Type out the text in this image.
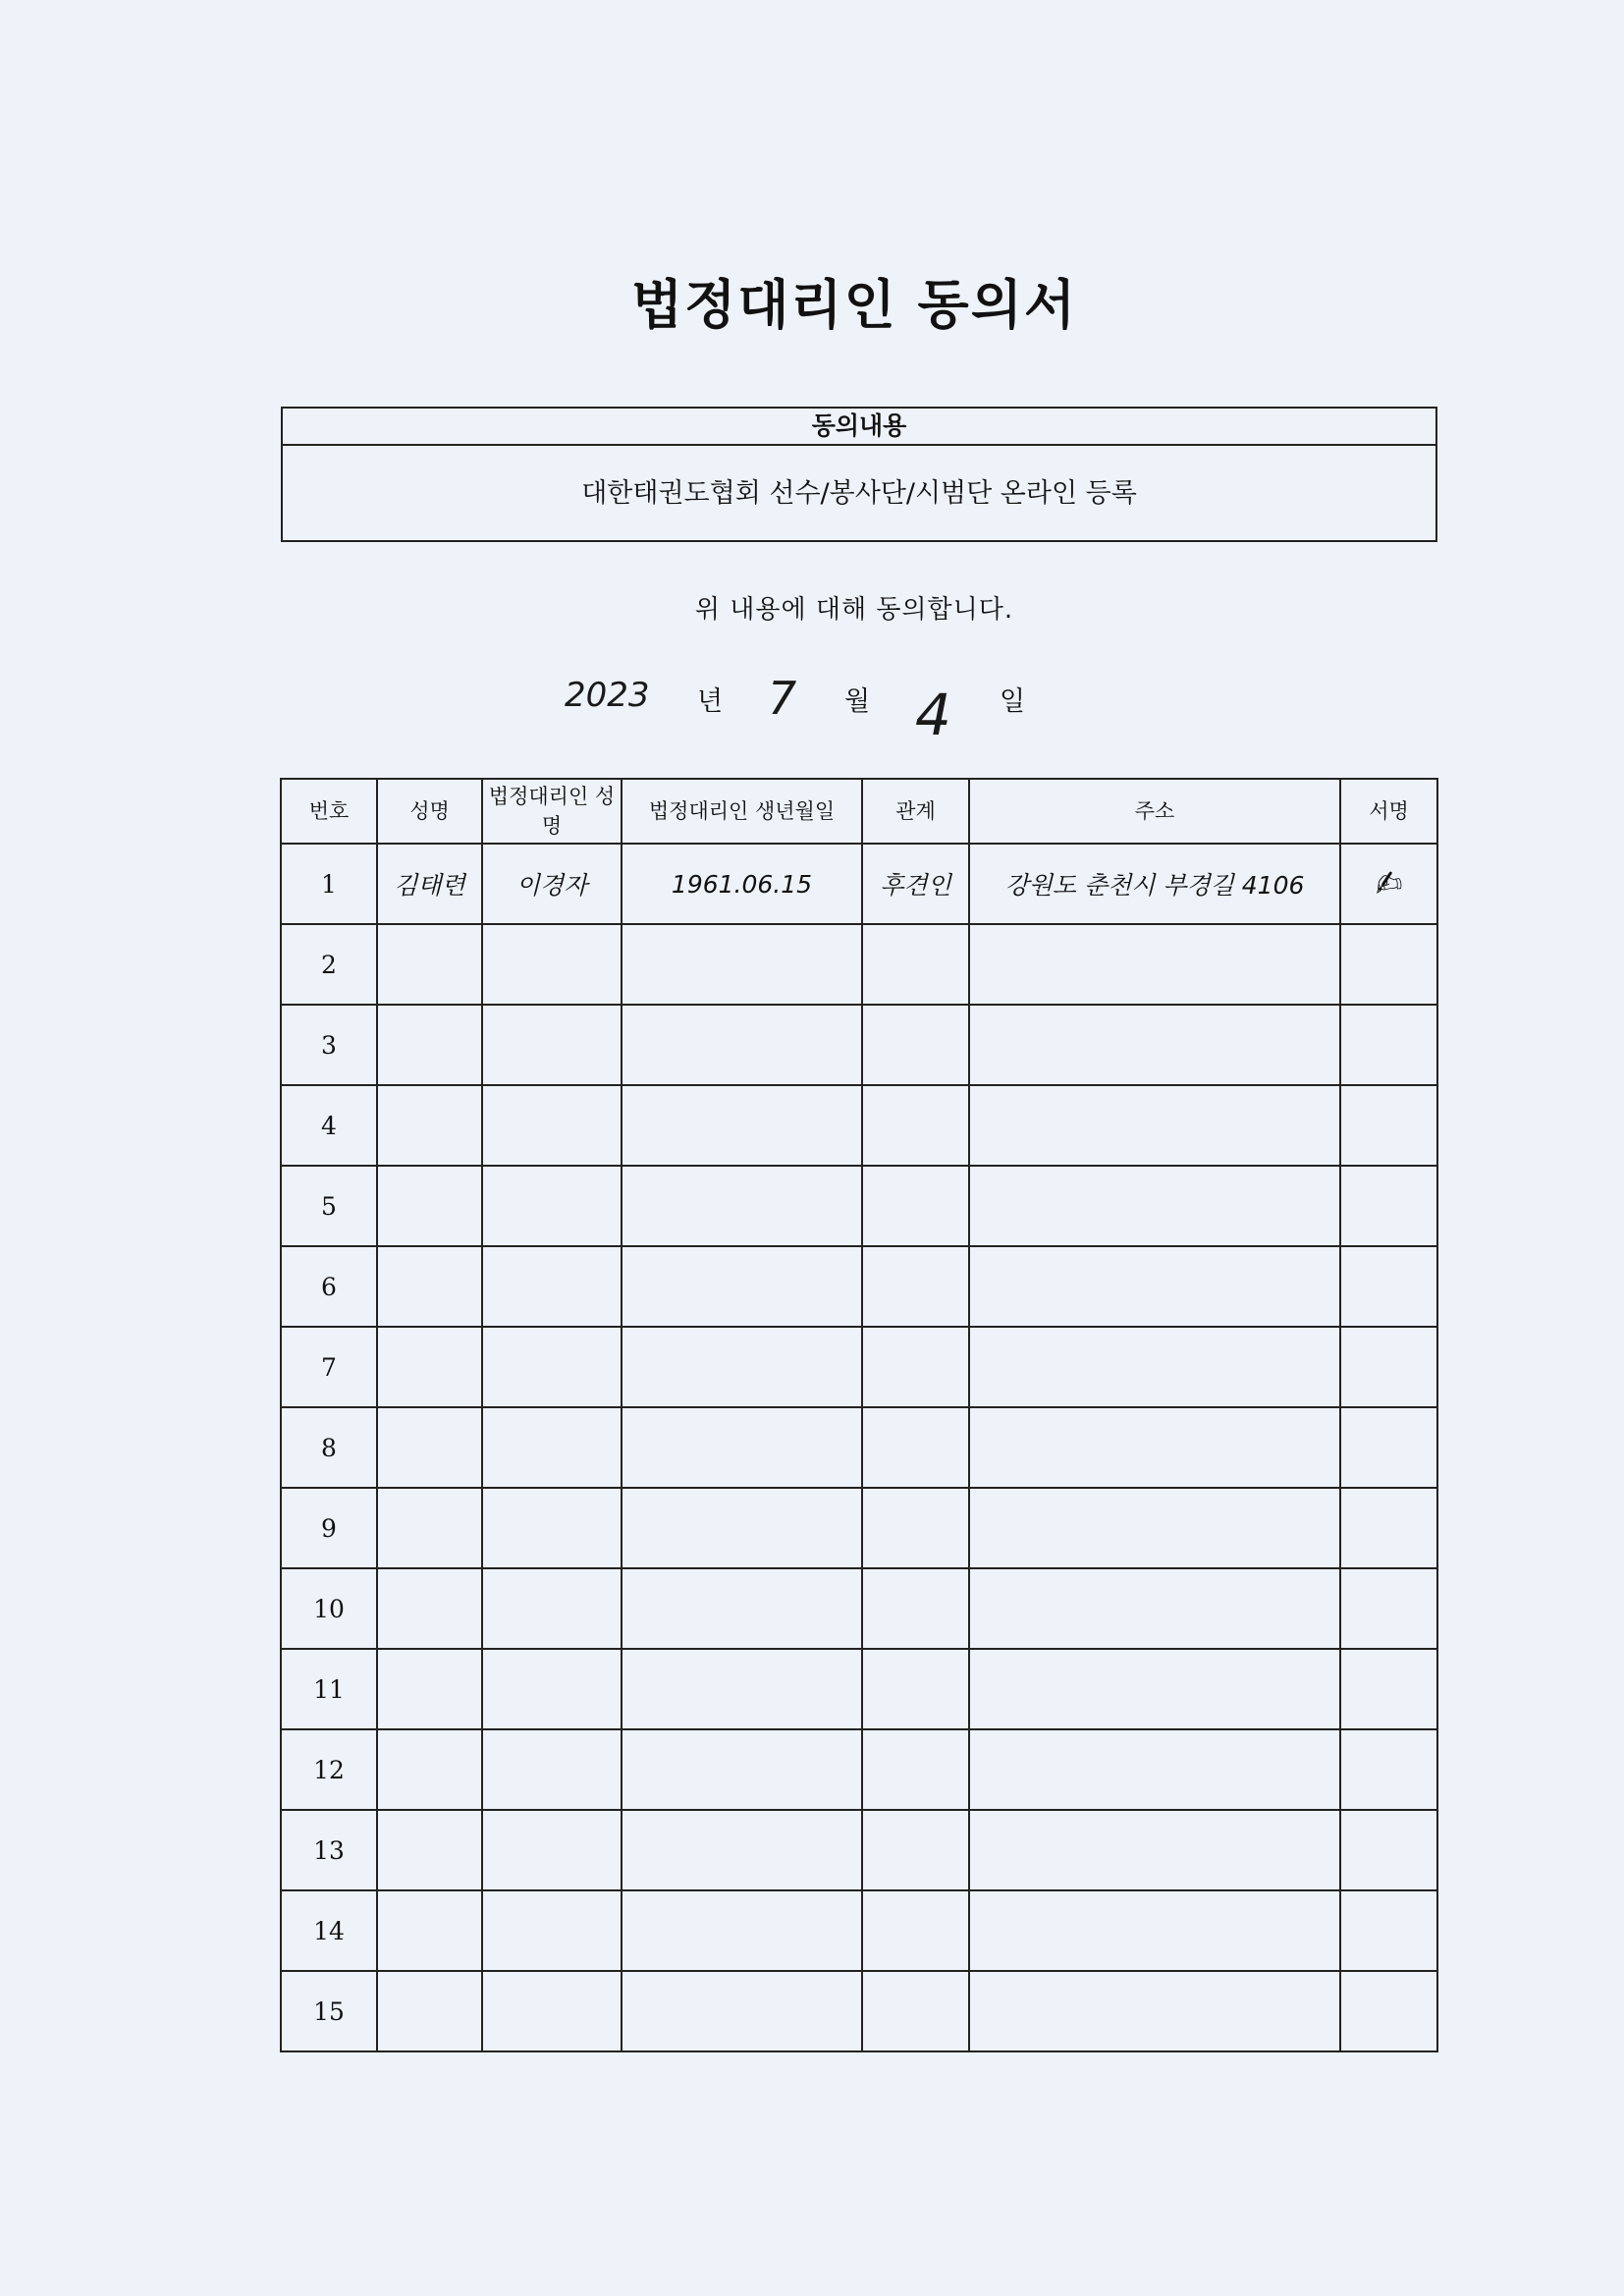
법정대리인 동의서
동의내용
대한태권도협회 선수/봉사단/시범단 온라인 등록
위 내용에 대해 동의합니다.
2023 년 7 월 4 일
번호	성명	법정대리인 성명	법정대리인 생년월일	관계	주소	서명
1	김태련	이경자	1961.06.15	후견인	강원도 춘천시 부경길 4106	✍
2						
3						
4						
5						
6						
7						
8						
9						
10						
11						
12						
13						
14						
15						
